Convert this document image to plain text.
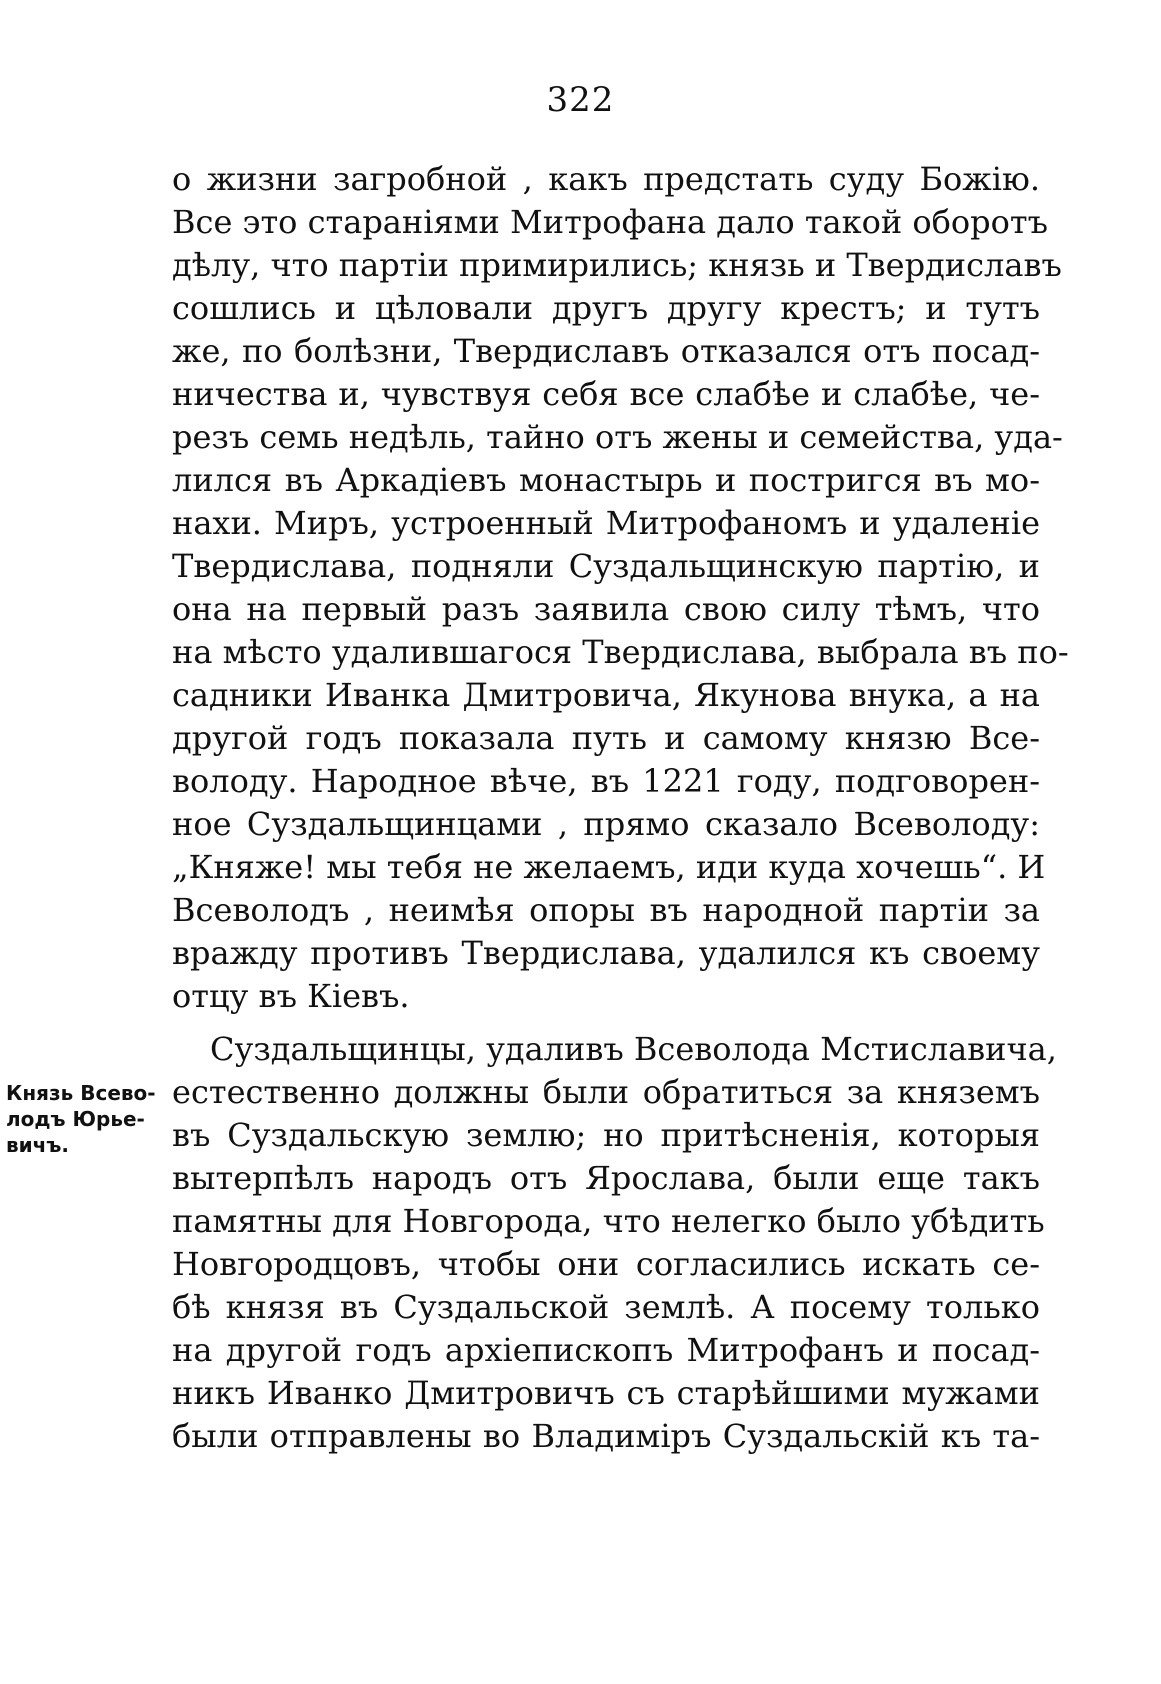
322
Князь Всево-
лодъ Юрье-
вичъ.
о жизни загробной , какъ предстать суду Божію.
Все это стараніями Митрофана дало такой оборотъ
дѣлу, что партіи примирились; князь и Твердиславъ
сошлись и цѣловали другъ другу крестъ; и тутъ
же, по болѣзни, Твердиславъ отказался отъ посад-
ничества и, чувствуя себя все слабѣе и слабѣе, че-
резъ семь недѣль, тайно отъ жены и семейства, уда-
лился въ Аркадіевъ монастырь и постригся въ мо-
нахи. Миръ, устроенный Митрофаномъ и удаленіе
Твердислава, подняли Суздальщинскую партію, и
она на первый разъ заявила свою силу тѣмъ, что
на мѣсто удалившагося Твердислава, выбрала въ по-
садники Иванка Дмитровича, Якунова внука, а на
другой годъ показала путь и самому князю Все-
володу. Народное вѣче, въ 1221 году, подговорен-
ное Суздальщинцами , прямо сказало Всеволоду:
„Княже! мы тебя не желаемъ, иди куда хочешь“. И
Всеволодъ , неимѣя опоры въ народной партіи за
вражду противъ Твердислава, удалился къ своему
отцу въ Кіевъ.
Суздальщинцы, удаливъ Всеволода Мстиславича,
естественно должны были обратиться за княземъ
въ Суздальскую землю; но притѣсненія, которыя
вытерпѣлъ народъ отъ Ярослава, были еще такъ
памятны для Новгорода, что нелегко было убѣдить
Новгородцовъ, чтобы они согласились искать се-
бѣ князя въ Суздальской землѣ. А посему только
на другой годъ архіепископъ Митрофанъ и посад-
никъ Иванко Дмитровичъ съ старѣйшими мужами
были отправлены во Владиміръ Суздальскій къ та-
